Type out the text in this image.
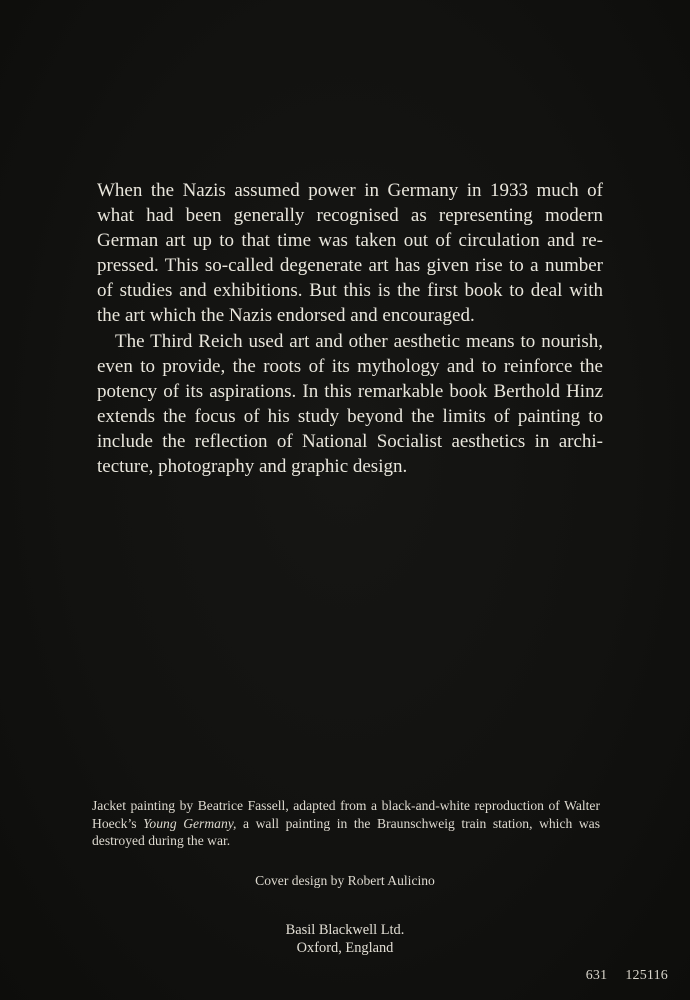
When the Nazis assumed power in Germany in 1933 much of what had been generally recognised as representing modern German art up to that time was taken out of circulation and repressed. This so-called degenerate art has given rise to a number of studies and exhibitions. But this is the first book to deal with the art which the Nazis endorsed and encouraged.

The Third Reich used art and other aesthetic means to nourish, even to provide, the roots of its mythology and to reinforce the potency of its aspirations. In this remarkable book Berthold Hinz extends the focus of his study beyond the limits of painting to include the reflection of National Socialist aesthetics in architecture, photography and graphic design.

Jacket painting by Beatrice Fassell, adapted from a black-and-white reproduction of Walter Hoeck’s Young Germany, a wall painting in the Braunschweig train station, which was destroyed during the war.

Cover design by Robert Aulicino
Basil Blackwell Ltd.
Oxford, England
631 125116
